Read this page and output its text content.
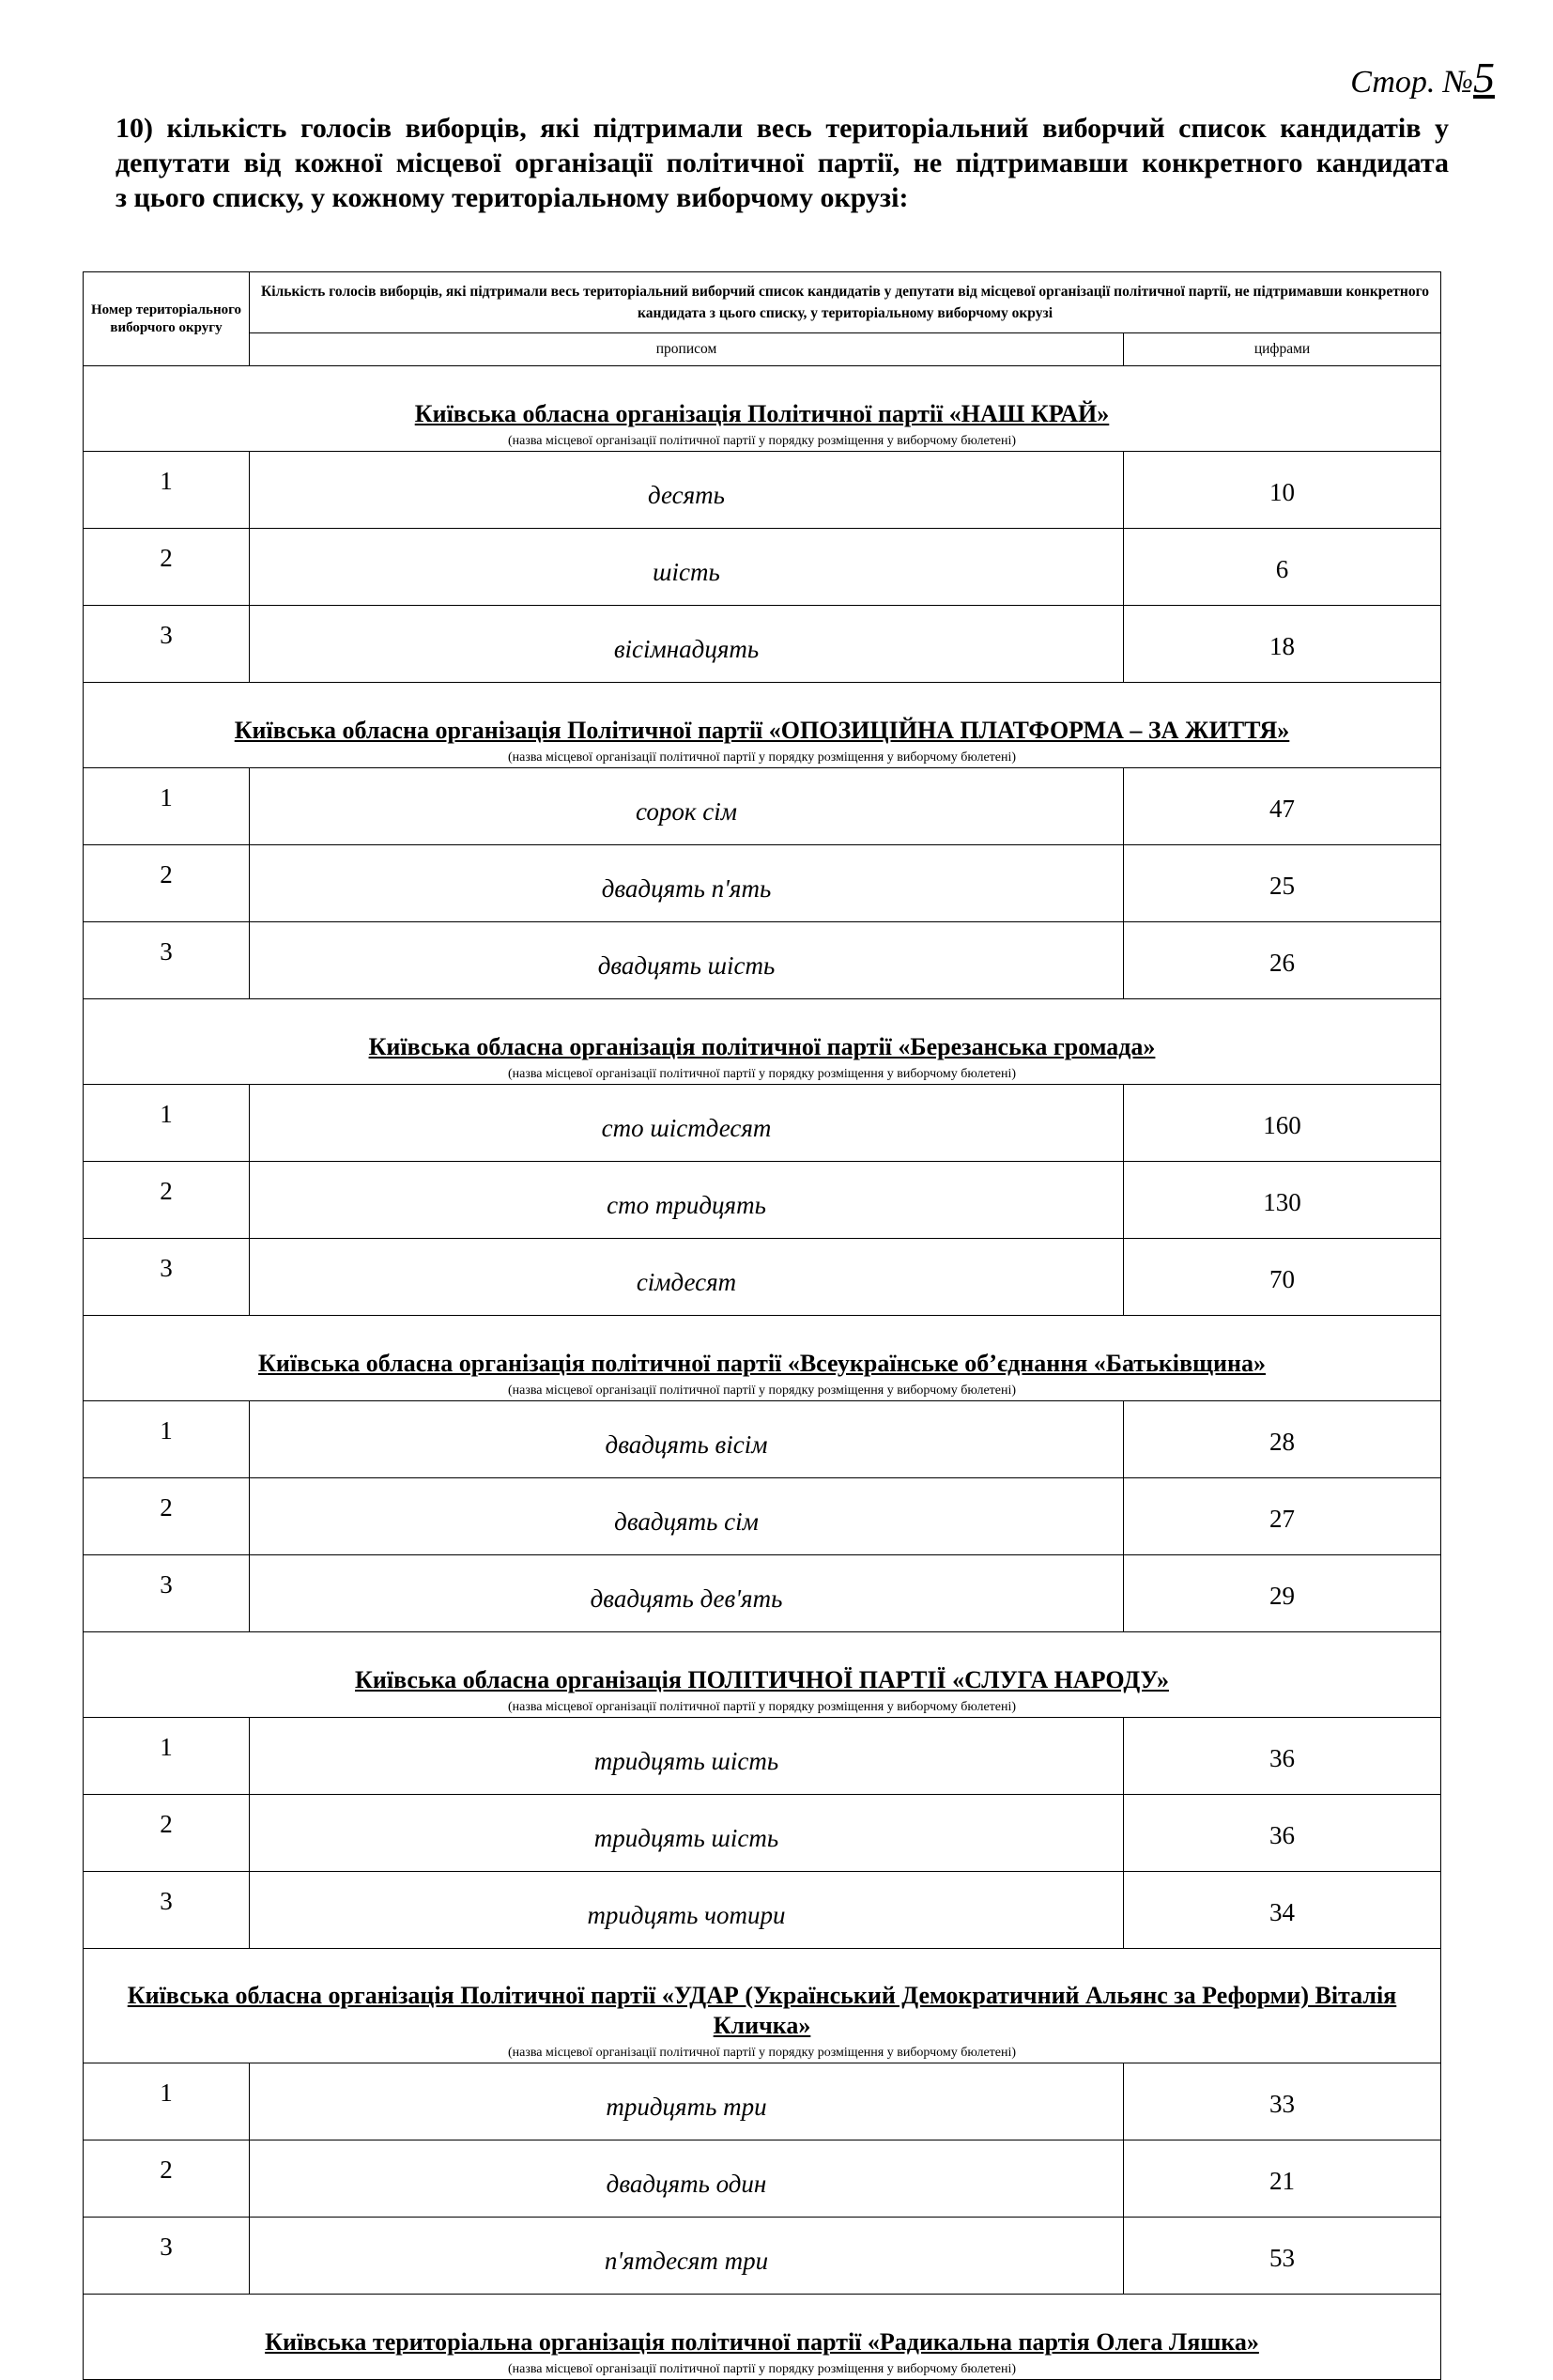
Стор. №5
10) кількість голосів виборців, які підтримали весь територіальний виборчий список кандидатів у
депутати від кожної місцевої організації політичної партії, не підтримавши конкретного кандидата
з цього списку, у кожному територіальному виборчому окрузі:
Номер територіального виборчого округу	Кількість голосів виборців, які підтримали весь територіальний виборчий список кандидатів у депутати від місцевої організації політичної партії, не підтримавши конкретного кандидата з цього списку, у територіальному виборчому окрузі	
	прописом	цифрами

Київська обласна організація Політичної партії «НАШ КРАЙ»
(назва місцевої організації політичної партії у порядку розміщення у виборчому бюлетені)		

1	десять	10
2	шість	6
3	вісімнадцять	18

Київська обласна організація Політичної партії «ОПОЗИЦІЙНА ПЛАТФОРМА – ЗА ЖИТТЯ»
(назва місцевої організації політичної партії у порядку розміщення у виборчому бюлетені)		

1	сорок сім	47
2	двадцять п'ять	25
3	двадцять шість	26

Київська обласна організація політичної партії «Березанська громада»
(назва місцевої організації політичної партії у порядку розміщення у виборчому бюлетені)		

1	сто шістдесят	160
2	сто тридцять	130
3	сімдесят	70

Київська обласна організація політичної партії «Всеукраїнське об’єднання «Батьківщина»
(назва місцевої організації політичної партії у порядку розміщення у виборчому бюлетені)		

1	двадцять вісім	28
2	двадцять сім	27
3	двадцять дев'ять	29

Київська обласна організація ПОЛІТИЧНОЇ ПАРТІЇ «СЛУГА НАРОДУ»
(назва місцевої організації політичної партії у порядку розміщення у виборчому бюлетені)		

1	тридцять шість	36
2	тридцять шість	36
3	тридцять чотири	34

Київська обласна організація Політичної партії «УДАР (Український Демократичний Альянс за Реформи) Віталія Кличка»
(назва місцевої організації політичної партії у порядку розміщення у виборчому бюлетені)		

1	тридцять три	33
2	двадцять один	21
3	п'ятдесят три	53

Київська територіальна організація політичної партії «Радикальна партія Олега Ляшка»
(назва місцевої організації політичної партії у порядку розміщення у виборчому бюлетені)		
